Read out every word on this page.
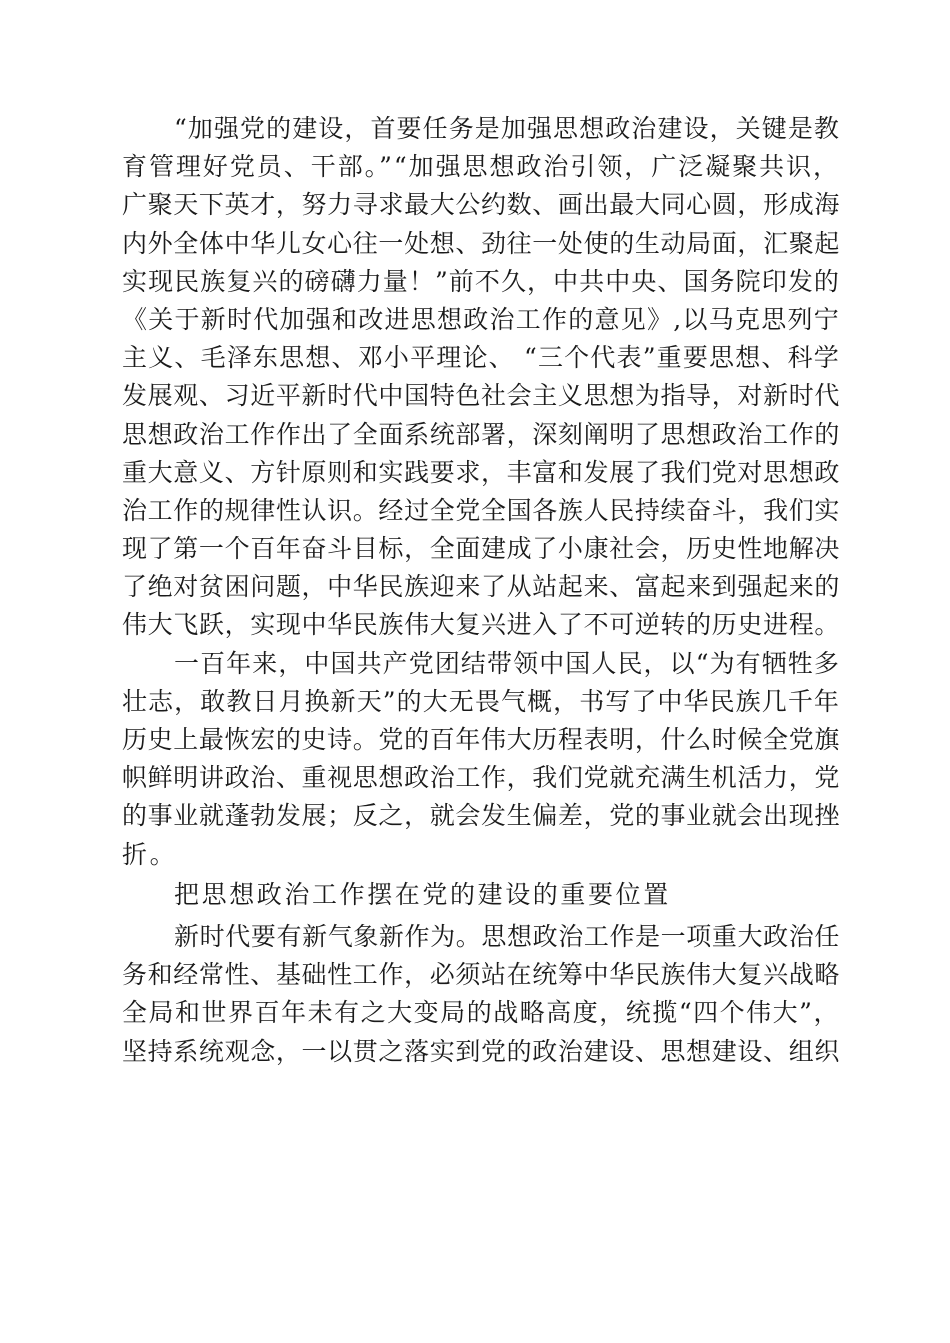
“加强党的建设，首要任务是加强思想政治建设，关键是教
育管理好党员、干部。”“加强思想政治引领，广泛凝聚共识，
广聚天下英才，努力寻求最大公约数、画出最大同心圆，形成海
内外全体中华儿女心往一处想、劲往一处使的生动局面，汇聚起
实现民族复兴的磅礴力量！”前不久，中共中央、国务院印发的
《关于新时代加强和改进思想政治工作的意见》,以马克思列宁
主义、毛泽东思想、邓小平理论、 “三个代表”重要思想、科学
发展观、习近平新时代中国特色社会主义思想为指导，对新时代
思想政治工作作出了全面系统部署，深刻阐明了思想政治工作的
重大意义、方针原则和实践要求，丰富和发展了我们党对思想政
治工作的规律性认识。经过全党全国各族人民持续奋斗，我们实
现了第一个百年奋斗目标，全面建成了小康社会，历史性地解决
了绝对贫困问题，中华民族迎来了从站起来、富起来到强起来的
伟大飞跃，实现中华民族伟大复兴进入了不可逆转的历史进程。
一百年来，中国共产党团结带领中国人民，以“为有牺牲多
壮志，敢教日月换新天”的大无畏气概，书写了中华民族几千年
历史上最恢宏的史诗。党的百年伟大历程表明，什么时候全党旗
帜鲜明讲政治、重视思想政治工作，我们党就充满生机活力，党
的事业就蓬勃发展；反之，就会发生偏差，党的事业就会出现挫
折。
把思想政治工作摆在党的建设的重要位置
新时代要有新气象新作为。思想政治工作是一项重大政治任
务和经常性、基础性工作，必须站在统筹中华民族伟大复兴战略
全局和世界百年未有之大变局的战略高度，统揽“四个伟大”，
坚持系统观念，一以贯之落实到党的政治建设、思想建设、组织
